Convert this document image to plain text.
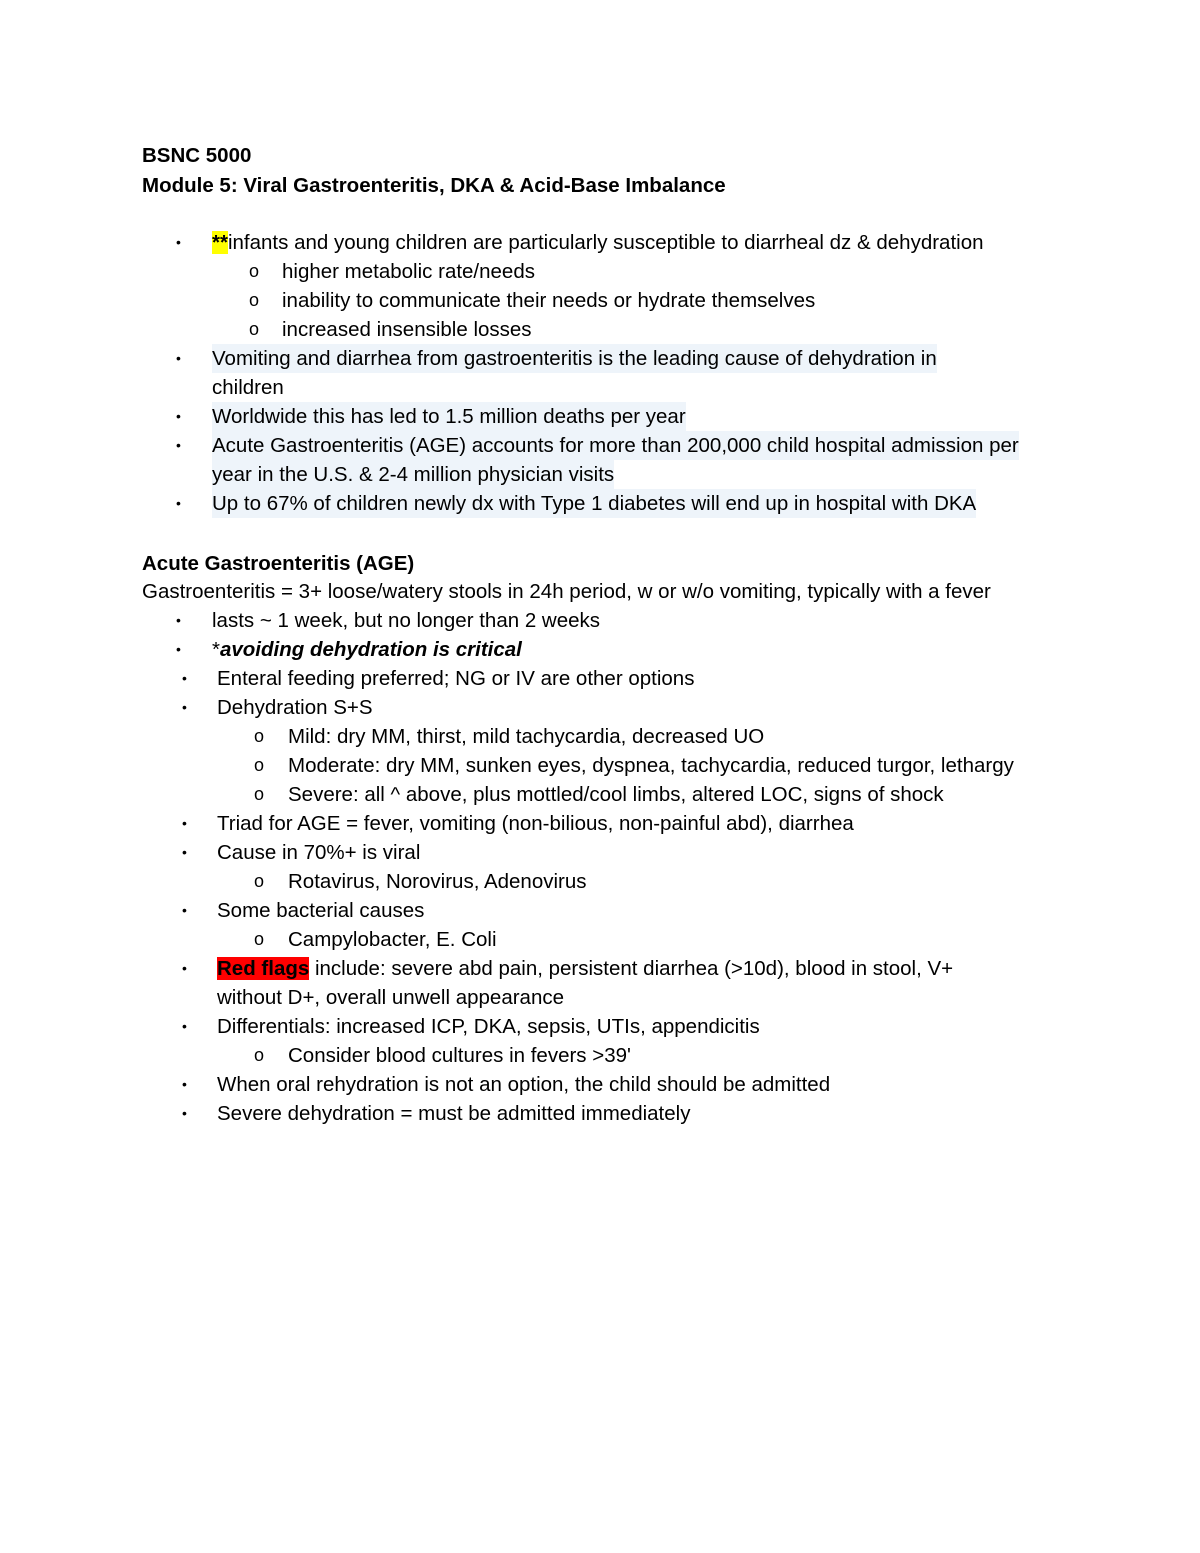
BSNC 5000
Module 5: Viral Gastroenteritis, DKA & Acid-Base Imbalance
• **infants and young children are particularly susceptible to diarrheal dz & dehydration
o higher metabolic rate/needs
o inability to communicate their needs or hydrate themselves
o increased insensible losses
• Vomiting and diarrhea from gastroenteritis is the leading cause of dehydration in
children
• Worldwide this has led to 1.5 million deaths per year
• Acute Gastroenteritis (AGE) accounts for more than 200,000 child hospital admission per
year in the U.S. & 2-4 million physician visits
• Up to 67% of children newly dx with Type 1 diabetes will end up in hospital with DKA
Acute Gastroenteritis (AGE)
Gastroenteritis = 3+ loose/watery stools in 24h period, w or w/o vomiting, typically with a fever
• lasts ~ 1 week, but no longer than 2 weeks
• *avoiding dehydration is critical
• Enteral feeding preferred; NG or IV are other options
• Dehydration S+S
o Mild: dry MM, thirst, mild tachycardia, decreased UO
o Moderate: dry MM, sunken eyes, dyspnea, tachycardia, reduced turgor, lethargy
o Severe: all ^ above, plus mottled/cool limbs, altered LOC, signs of shock
• Triad for AGE = fever, vomiting (non-bilious, non-painful abd), diarrhea
• Cause in 70%+ is viral
o Rotavirus, Norovirus, Adenovirus
• Some bacterial causes
o Campylobacter, E. Coli
• Red flags include: severe abd pain, persistent diarrhea (>10d), blood in stool, V+
without D+, overall unwell appearance
• Differentials: increased ICP, DKA, sepsis, UTIs, appendicitis
o Consider blood cultures in fevers >39'
• When oral rehydration is not an option, the child should be admitted
• Severe dehydration = must be admitted immediately
